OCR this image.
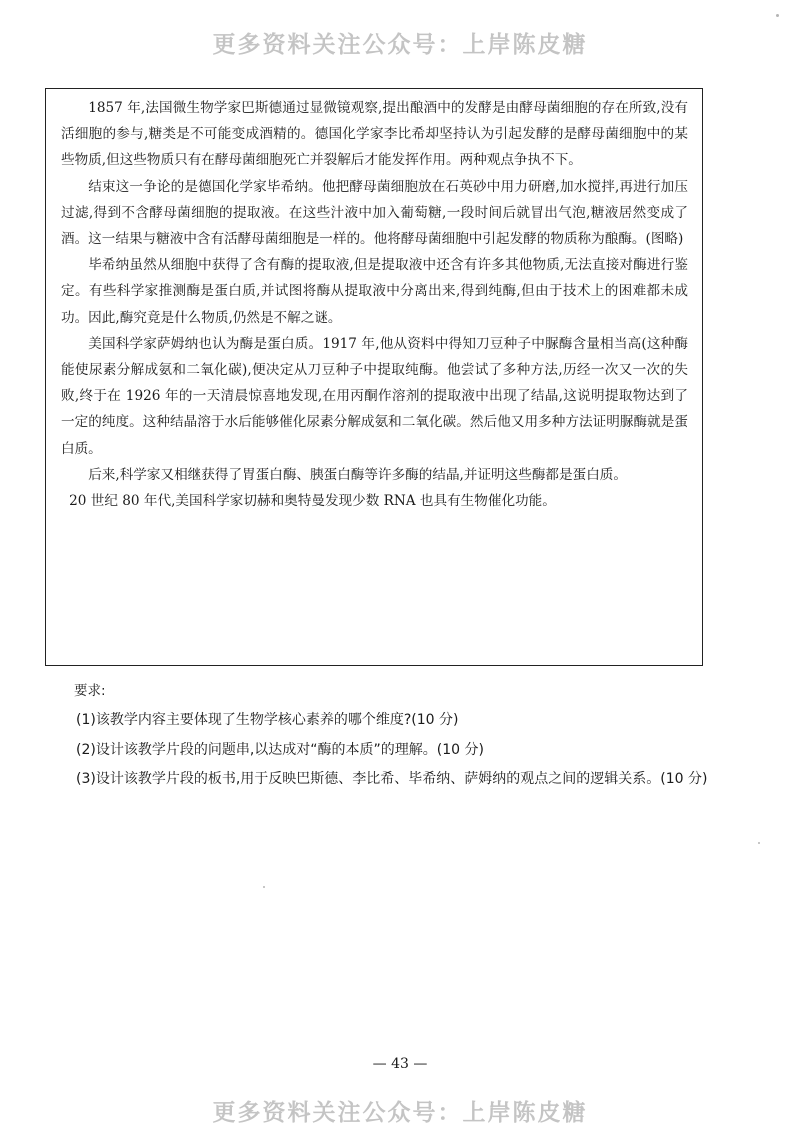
更多资料关注公众号：上岸陈皮糖

1857 年,法国微生物学家巴斯德通过显微镜观察,提出酿酒中的发酵是由酵母菌细胞的存在所致,没有活细胞的参与,糖类是不可能变成酒精的。德国化学家李比希却坚持认为引起发酵的是酵母菌细胞中的某些物质,但这些物质只有在酵母菌细胞死亡并裂解后才能发挥作用。两种观点争执不下。

结束这一争论的是德国化学家毕希纳。他把酵母菌细胞放在石英砂中用力研磨,加水搅拌,再进行加压过滤,得到不含酵母菌细胞的提取液。在这些汁液中加入葡萄糖,一段时间后就冒出气泡,糖液居然变成了酒。这一结果与糖液中含有活酵母菌细胞是一样的。他将酵母菌细胞中引起发酵的物质称为酿酶。(图略)

毕希纳虽然从细胞中获得了含有酶的提取液,但是提取液中还含有许多其他物质,无法直接对酶进行鉴定。有些科学家推测酶是蛋白质,并试图将酶从提取液中分离出来,得到纯酶,但由于技术上的困难都未成功。因此,酶究竟是什么物质,仍然是不解之谜。

美国科学家萨姆纳也认为酶是蛋白质。1917 年,他从资料中得知刀豆种子中脲酶含量相当高(这种酶能使尿素分解成氨和二氧化碳),便决定从刀豆种子中提取纯酶。他尝试了多种方法,历经一次又一次的失败,终于在 1926 年的一天清晨惊喜地发现,在用丙酮作溶剂的提取液中出现了结晶,这说明提取物达到了一定的纯度。这种结晶溶于水后能够催化尿素分解成氨和二氧化碳。然后他又用多种方法证明脲酶就是蛋白质。

后来,科学家又相继获得了胃蛋白酶、胰蛋白酶等许多酶的结晶,并证明这些酶都是蛋白质。

20 世纪 80 年代,美国科学家切赫和奥特曼发现少数 RNA 也具有生物催化功能。

要求:
(1)该教学内容主要体现了生物学核心素养的哪个维度?(10 分)
(2)设计该教学片段的问题串,以达成对“酶的本质”的理解。(10 分)
(3)设计该教学片段的板书,用于反映巴斯德、李比希、毕希纳、萨姆纳的观点之间的逻辑关系。(10 分)
— 43 —
更多资料关注公众号：上岸陈皮糖
